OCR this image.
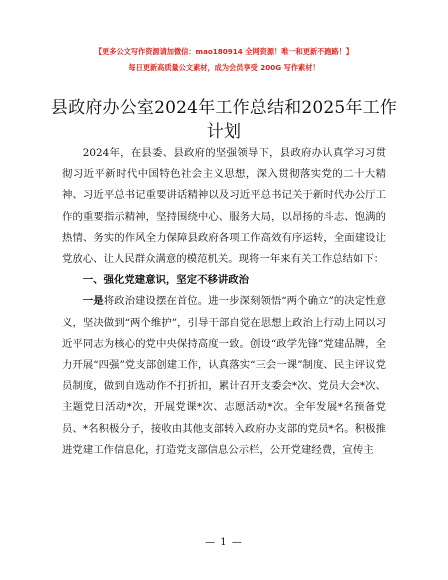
【更多公文写作资源请加微信：mao180914 全网资源！唯一和更新不跑路！】
每日更新高质量公文素材，成为会员享受 200G 写作素材！
县政府办公室2024年工作总结和2025年工作计划

2024年，在县委、县政府的坚强领导下，县政府办认真学习习贯彻习近平新时代中国特色社会主义思想，深入贯彻落实党的二十大精神、习近平总书记重要讲话精神以及习近平总书记关于新时代办公厅工作的重要指示精神，坚持围绕中心、服务大局，以昂扬的斗志、饱满的热情、务实的作风全力保障县政府各项工作高效有序运转，全面建设让党放心、让人民群众满意的模范机关。现将一年来有关工作总结如下：

一、强化党建意识，坚定不移讲政治

一是将政治建设摆在首位。进一步深刻领悟“两个确立”的决定性意义，坚决做到“两个维护”，引导干部自觉在思想上政治上行动上同以习近平同志为核心的党中央保持高度一致。创设“政学先锋”党建品牌，全力开展“四强”党支部创建工作，认真落实“三会一课”制度、民主评议党员制度，做到自选动作不打折扣，累计召开支委会*次、党员大会*次、主题党日活动*次，开展党课*次、志愿活动*次。全年发展*名预备党员、*名积极分子，接收由其他支部转入政府办支部的党员*名。积极推进党建工作信息化，打造党支部信息公示栏，公开党建经费，宣传主

— 1 —
